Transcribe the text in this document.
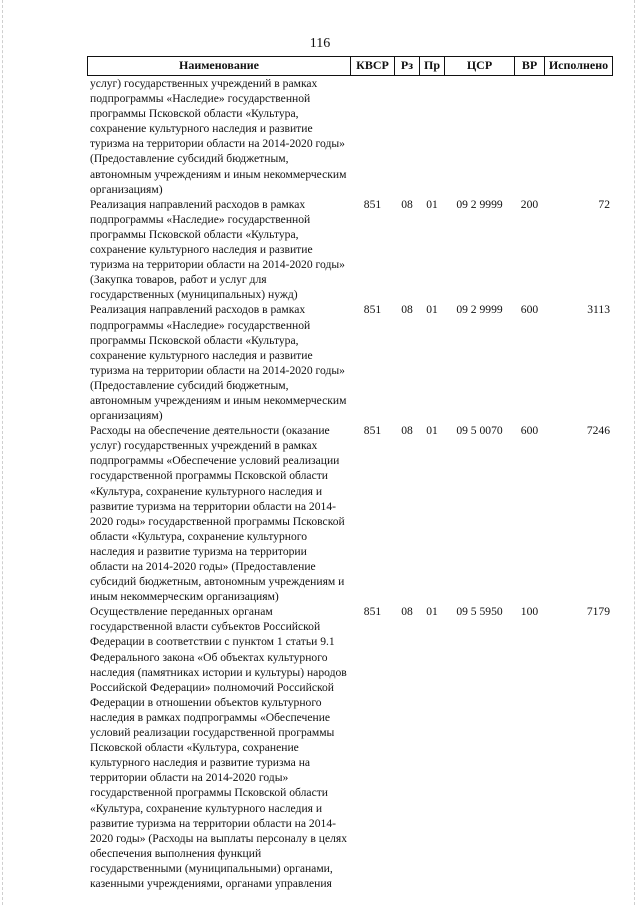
116
Наименование	КВСР	Рз	Пр	ЦСР	ВР	Исполнено
услуг) государственных учреждений в рамках подпрограммы «Наследие» государственной программы Псковской области «Культура, сохранение культурного наследия и развитие туризма на территории области на 2014-2020 годы» (Предоставление субсидий бюджетным, автономным учреждениям и иным некоммерческим организациям)						
Реализация направлений расходов в рамках подпрограммы «Наследие» государственной программы Псковской области «Культура, сохранение культурного наследия и развитие туризма на территории области на 2014-2020 годы» (Закупка товаров, работ и услуг для государственных (муниципальных) нужд)	851	08	01	09 2 9999	200	72
Реализация направлений расходов в рамках подпрограммы «Наследие» государственной программы Псковской области «Культура, сохранение культурного наследия и развитие туризма на территории области на 2014-2020 годы» (Предоставление субсидий бюджетным, автономным учреждениям и иным некоммерческим организациям)	851	08	01	09 2 9999	600	3113
Расходы на обеспечение деятельности (оказание услуг) государственных учреждений в рамках подпрограммы «Обеспечение условий реализации государственной программы Псковской области «Культура, сохранение культурного наследия и развитие туризма на территории области на 2014-2020 годы» государственной программы Псковской области «Культура, сохранение культурного наследия и развитие туризма на территории области на 2014-2020 годы» (Предоставление субсидий бюджетным, автономным учреждениям и иным некоммерческим организациям)	851	08	01	09 5 0070	600	7246
Осуществление переданных органам государственной власти субъектов Российской Федерации в соответствии с пунктом 1 статьи 9.1 Федерального закона «Об объектах культурного наследия (памятниках истории и культуры) народов Российской Федерации» полномочий Российской Федерации в отношении объектов культурного наследия в рамках подпрограммы «Обеспечение условий реализации государственной программы Псковской области «Культура, сохранение культурного наследия и развитие туризма на территории области на 2014-2020 годы» государственной программы Псковской области «Культура, сохранение культурного наследия и развитие туризма на территории области на 2014-2020 годы» (Расходы на выплаты персоналу в целях обеспечения выполнения функций государственными (муниципальными) органами, казенными учреждениями, органами управления	851	08	01	09 5 5950	100	7179
